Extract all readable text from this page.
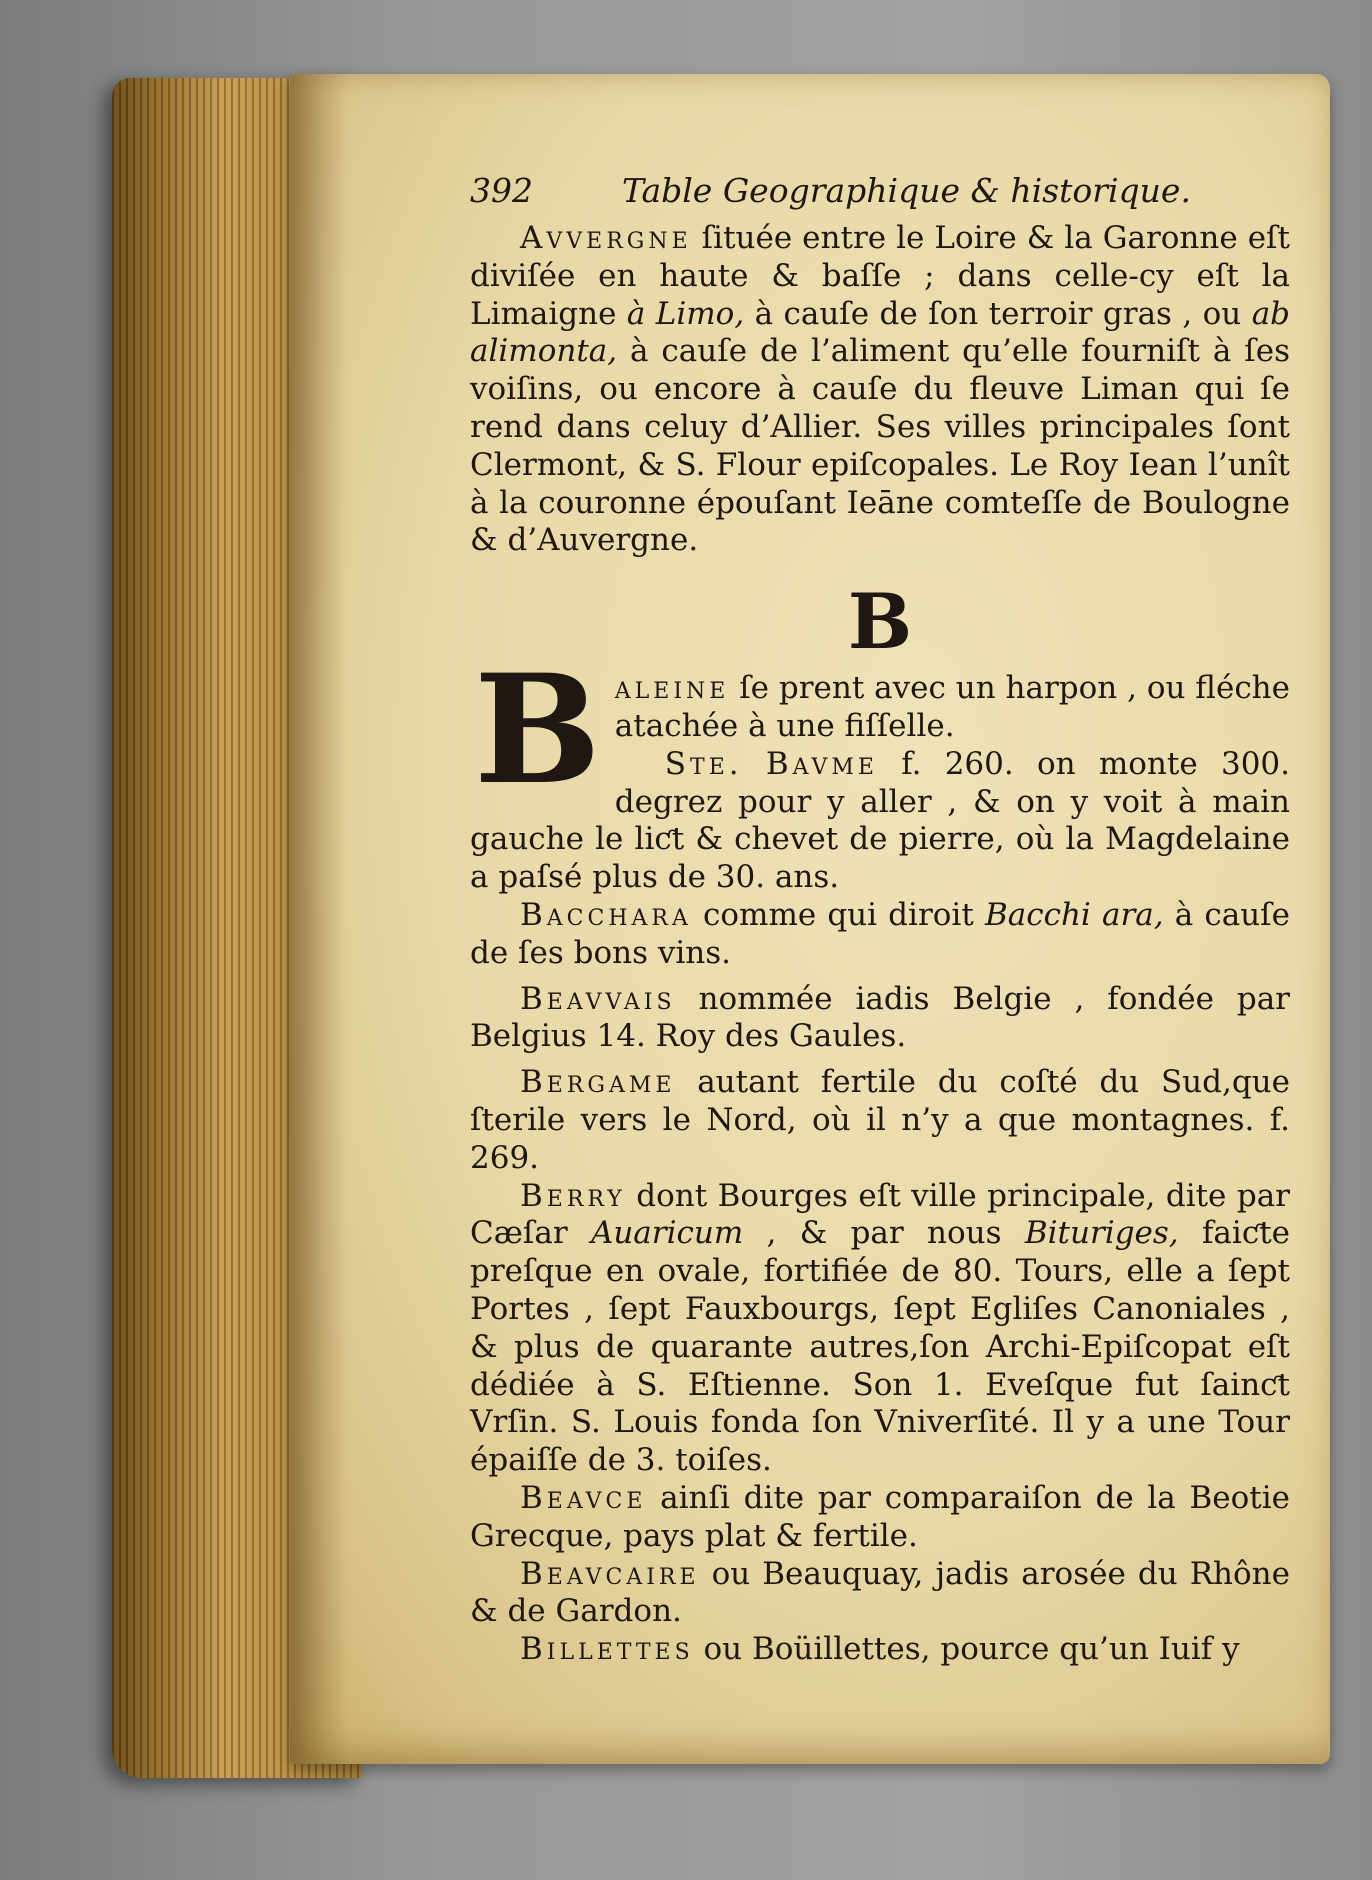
392	Table Geographique & historique.

Avvergne ſituée entre le Loire & la Garonne eſt diviſée en haute & baſſe ; dans celle-cy eſt la Limaigne à Limo, à cauſe de ſon terroir gras , ou ab alimonta, à cauſe de l’aliment qu’elle fourniſt à ſes voiſins, ou encore à cauſe du fleuve Liman qui ſe rend dans celuy d’Allier. Ses villes principales ſont Clermont, & S. Flour epiſcopales. Le Roy Iean l’unît à la couronne épouſant Ieāne comteſſe de Boulogne & d’Auvergne.

B

Baleine ſe prent avec un harpon , ou fléche atachée à une fiſſelle.

Ste. Bavme f. 260. on monte 300. degrez pour y aller , & on y voit à main gauche le liƈt & chevet de pierre, où la Magdelaine a paſsé plus de 30. ans.

Bacchara comme qui diroit Bacchi ara, à cauſe de ſes bons vins.

Beavvais nommée iadis Belgie , fondée par Belgius 14. Roy des Gaules.

Bergame autant fertile du coſté du Sud,que ſterile vers le Nord, où il n’y a que montagnes. f. 269.

Berry dont Bourges eſt ville principale, dite par Cæſar Auaricum , & par nous Bituriges, faiƈte preſque en ovale, fortifiée de 80. Tours, elle a ſept Portes , ſept Fauxbourgs, ſept Egliſes Canoniales , & plus de quarante autres,ſon Archi-Epiſcopat eſt dédiée à S. Eſtienne. Son 1. Eveſque fut ſainƈt Vrſin. S. Louis fonda ſon Vniverſité. Il y a une Tour épaiſſe de 3. toiſes.

Beavce ainſi dite par comparaiſon de la Beotie Grecque, pays plat & fertile.

Beavcaire ou Beauquay, jadis arosée du Rhône & de Gardon.

Billettes ou Boüillettes, pource qu’un Iuif y
